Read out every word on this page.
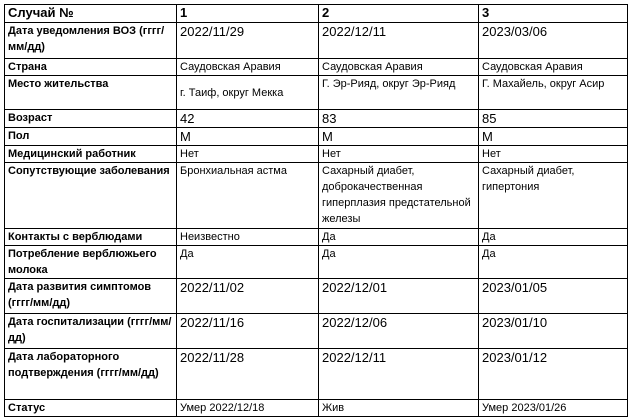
Случай №	1	2	3
Дата уведомления ВОЗ (гггг/мм/дд)	2022/11/29	2022/12/11	2023/03/06
Страна	Саудовская Аравия	Саудовская Аравия	Саудовская Аравия
Место жительства	г. Таиф, округ Мекка	Г. Эр-Рияд, округ Эр-Рияд	Г. Махайель, округ Асир
Возраст	42	83	85
Пол	М	М	М
Медицинский работник	Нет	Нет	Нет
Сопутствующие заболевания	Бронхиальная астма	Сахарный диабет, доброкачественная гиперплазия предстательной железы	Сахарный диабет, гипертония
Контакты с верблюдами	Неизвестно	Да	Да
Потребление верблюжьего молока	Да	Да	Да
Дата развития симптомов (гггг/мм/дд)	2022/11/02	2022/12/01	2023/01/05
Дата госпитализации (гггг/мм/дд)	2022/11/16	2022/12/06	2023/01/10
Дата лабораторного подтверждения (гггг/мм/дд)	2022/11/28	2022/12/11	2023/01/12
Статус	Умер 2022/12/18	Жив	Умер 2023/01/26
